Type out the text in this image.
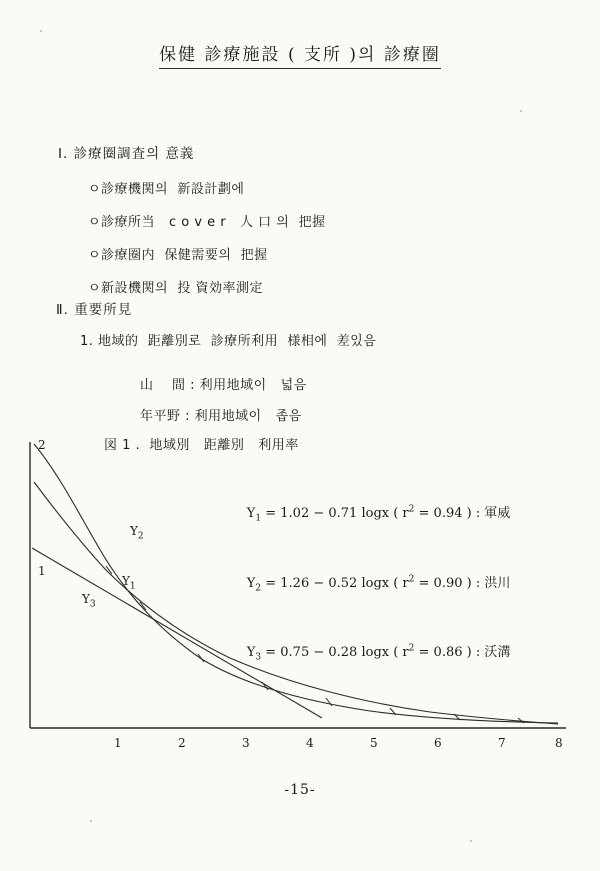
保健 診療施設 ( 支所 )의 診療圈
Ⅰ. 診療圈調査의 意義
ㅇ診療機関의  新設計劃에
ㅇ診療所当   c o v e r   人 口 의  把握
ㅇ診療圈内  保健需要의  把握
ㅇ新設機関의  投 資効率測定
Ⅱ. 重要所見
1. 地域的  距離別로  診療所利用  様相에  差있음
山    間 : 利用地域이   넓음
年平野 : 利用地域이   좁음
図 1 .  地域別   距離別   利用率
2
1
1	2	3	4	5	6	7	8
$Y_2$
$Y_1$
$Y_3$

$Y_1 = 1.02 - 0.71$ logx ( $r^2 = 0.94$ ) : 軍威

$Y_2 = 1.26 - 0.52$ logx ( $r^2 = 0.90$ ) : 洪川

$Y_3 = 0.75 - 0.28$ logx ( $r^2 = 0.86$ ) : 沃溝

-15-
